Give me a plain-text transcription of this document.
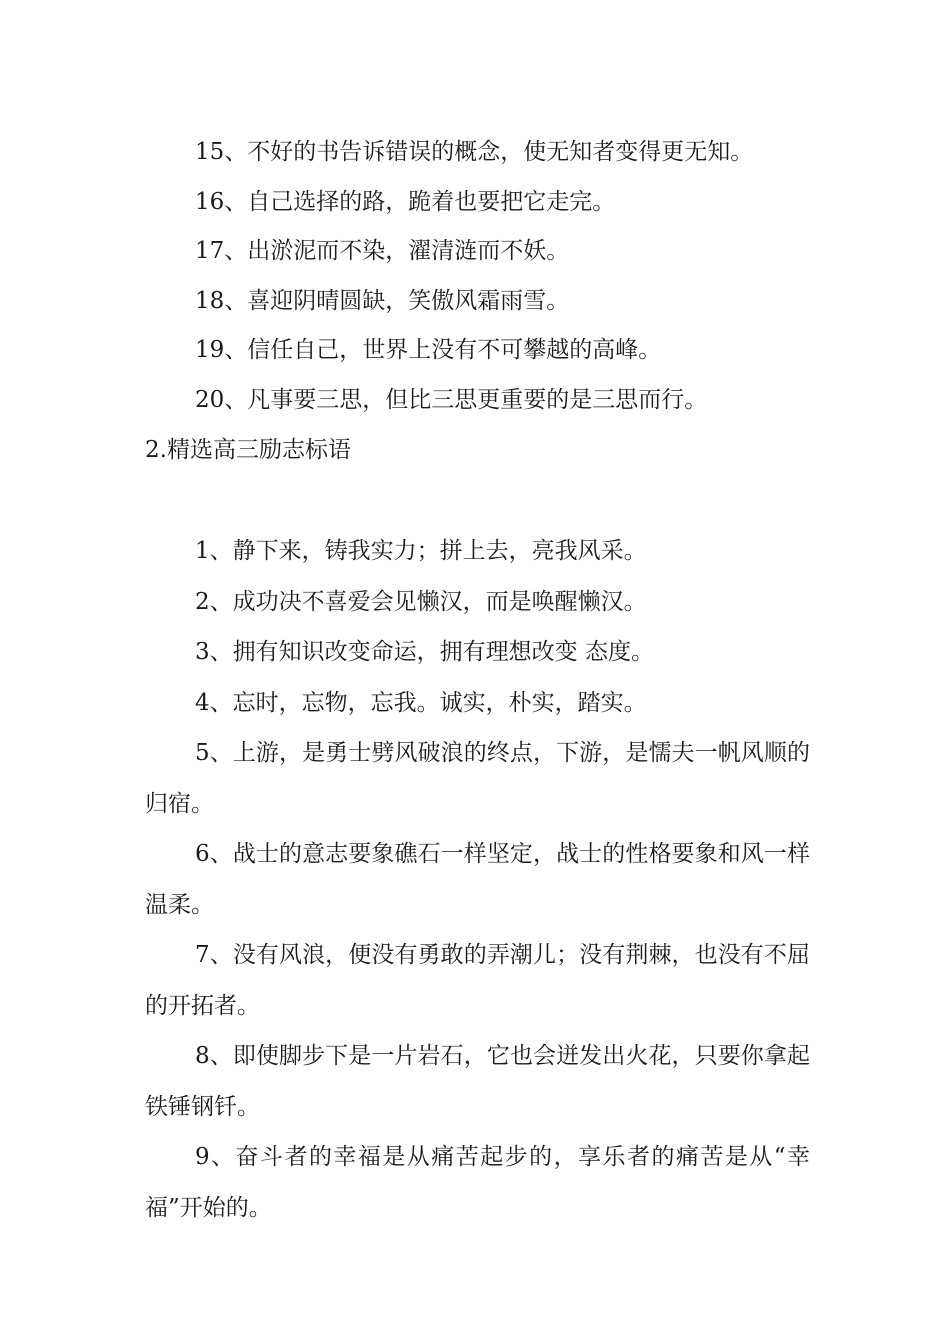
15、不好的书告诉错误的概念，使无知者变得更无知。
16、自己选择的路，跪着也要把它走完。
17、出淤泥而不染，濯清涟而不妖。
18、喜迎阴晴圆缺，笑傲风霜雨雪。
19、信任自己，世界上没有不可攀越的高峰。
20、凡事要三思，但比三思更重要的是三思而行。
2.精选高三励志标语
1、静下来，铸我实力；拼上去，亮我风采。
2、成功决不喜爱会见懒汉，而是唤醒懒汉。
3、拥有知识改变命运，拥有理想改变 态度。
4、忘时，忘物，忘我。诚实，朴实，踏实。
5、上游，是勇士劈风破浪的终点，下游，是懦夫一帆风顺的归宿。
6、战士的意志要象礁石一样坚定，战士的性格要象和风一样温柔。
7、没有风浪，便没有勇敢的弄潮儿；没有荆棘，也没有不屈的开拓者。
8、即使脚步下是一片岩石，它也会迸发出火花，只要你拿起铁锤钢钎。
9、奋斗者的幸福是从痛苦起步的，享乐者的痛苦是从“幸福”开始的。
